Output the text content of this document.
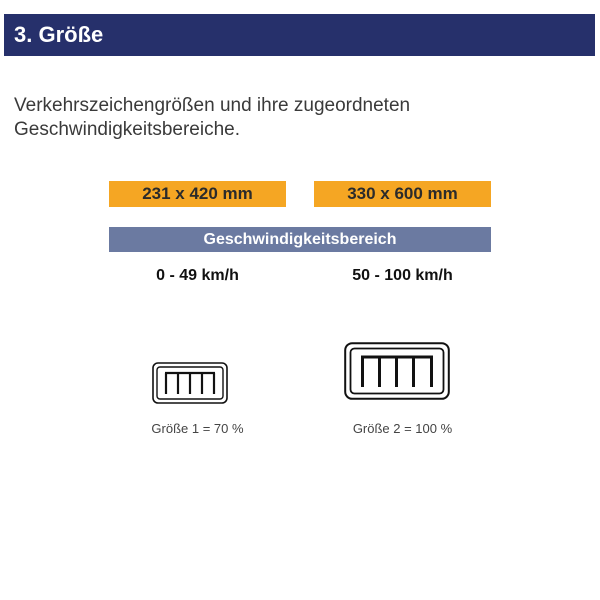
3. Größe
Verkehrszeichengrößen und ihre zugeordneten
Geschwindigkeitsbereiche.
231 x 420 mm	330 x 600 mm
Geschwindigkeitsbereich
0 - 49 km/h	50 - 100 km/h
Größe 1 = 70 %	Größe 2 = 100 %
